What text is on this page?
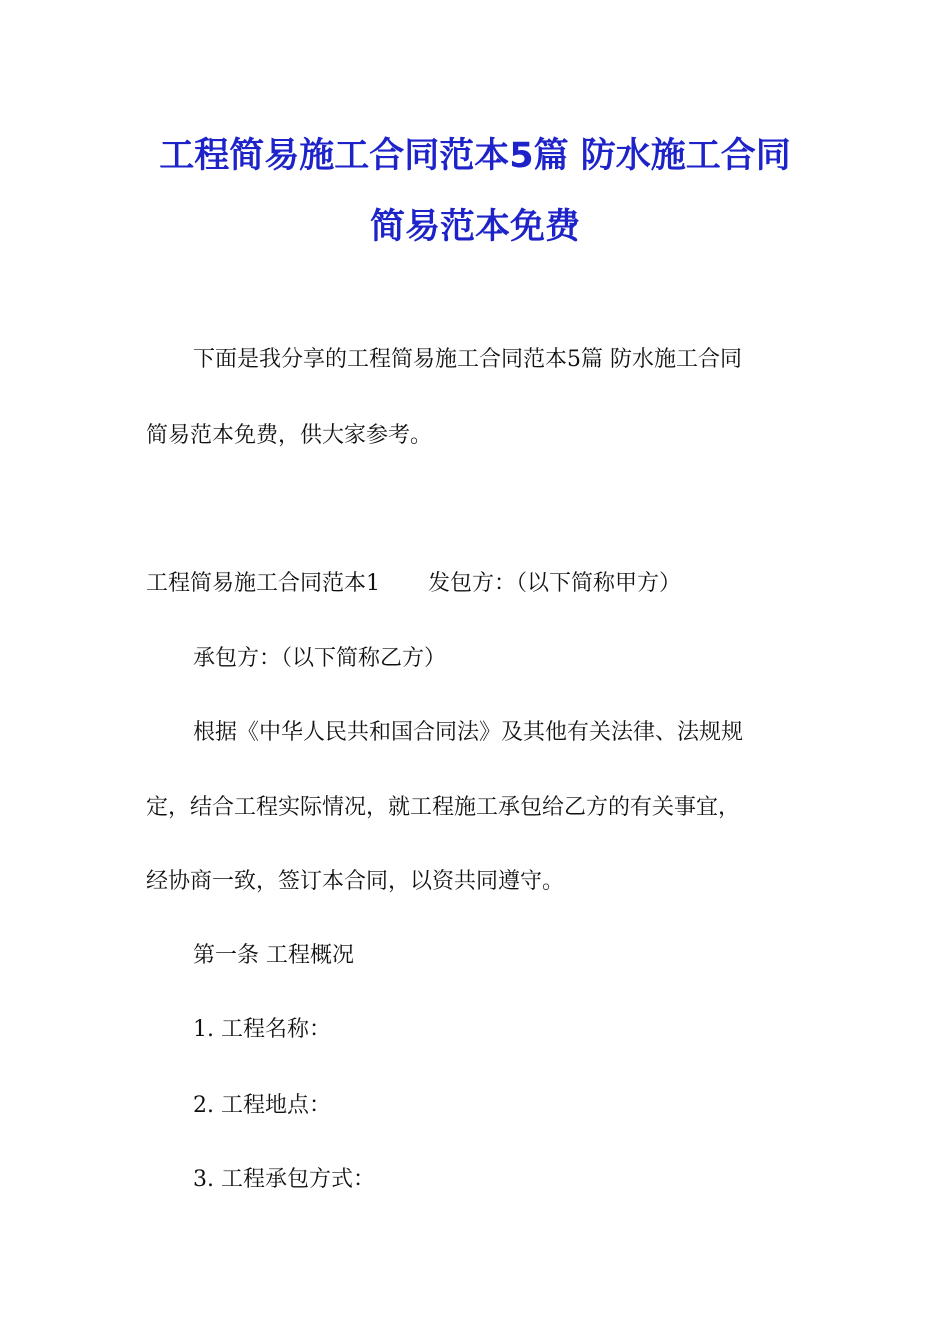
工程简易施工合同范本5篇 防水施工合同
简易范本免费
下面是我分享的工程简易施工合同范本5篇 防水施工合同
简易范本免费，供大家参考。
工程简易施工合同范本1 发包方：（以下简称甲方）
承包方：（以下简称乙方）
根据《中华人民共和国合同法》及其他有关法律、法规规
定，结合工程实际情况，就工程施工承包给乙方的有关事宜，
经协商一致，签订本合同，以资共同遵守。
第一条 工程概况
1. 工程名称：
2. 工程地点：
3. 工程承包方式：
